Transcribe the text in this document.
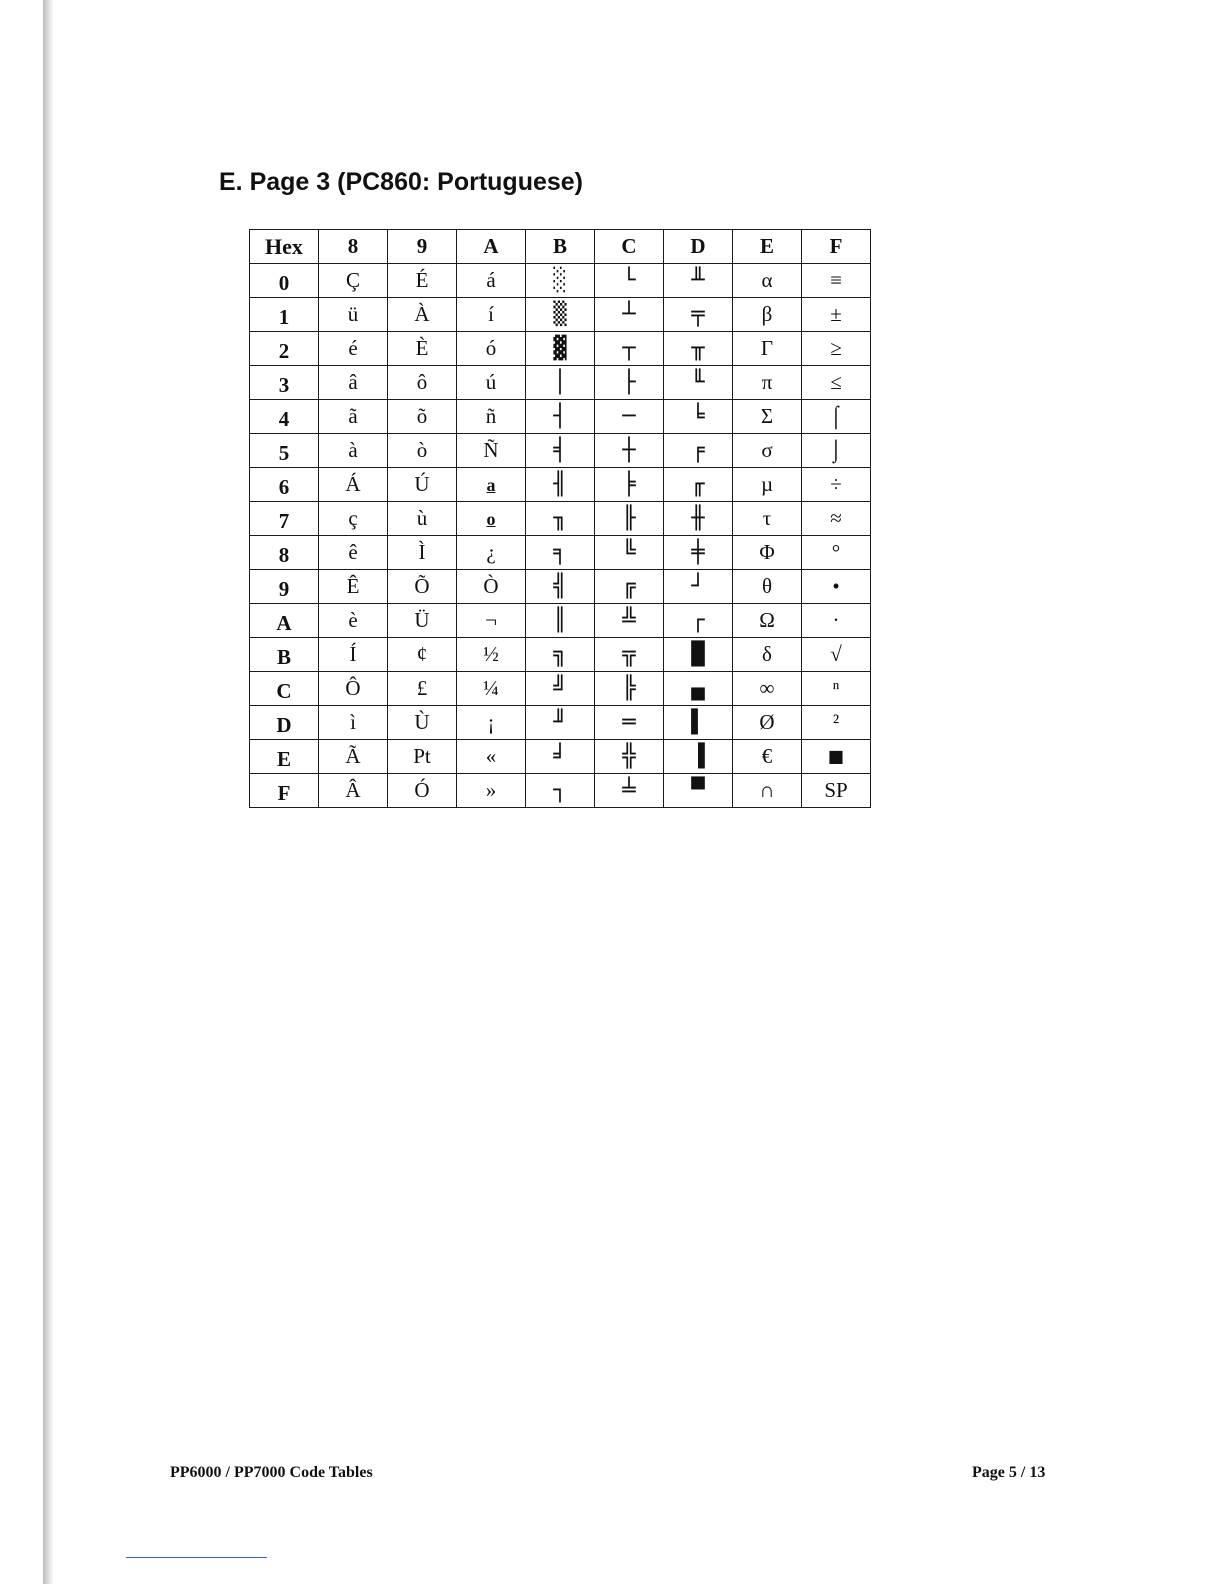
E. Page 3 (PC860: Portuguese)
Hex	8	9	A	B	C	D	E	F
0	Ç	É	á	░	└	╨	α	≡
1	ü	À	í	▒	┴	╤	β	±
2	é	È	ó	▓	┬	╥	Γ	≥
3	â	ô	ú	│	├	╙	π	≤
4	ã	õ	ñ	┤	─	╘	Σ	⌠
5	à	ò	Ñ	╡	┼	╒	σ	⌡
6	Á	Ú	a	╢	╞	╓	µ	÷
7	ç	ù	o	╖	╟	╫	τ	≈
8	ê	Ì	¿	╕	╚	╪	Φ	°
9	Ê	Õ	Ò	╣	╔	┘	θ	•
A	è	Ü	¬	║	╩	┌	Ω	·
B	Í	¢	½	╗	╦	█	δ	√
C	Ô	£	¼	╝	╠	▄	∞	ⁿ
D	ì	Ù	¡	╜	═	▌	Ø	²
E	Ã	Pt	«	╛	╬	▐	€	■
F	Â	Ó	»	┐	╧	▀	∩	SP
PP6000 / PP7000 Code Tables	Page 5 / 13
